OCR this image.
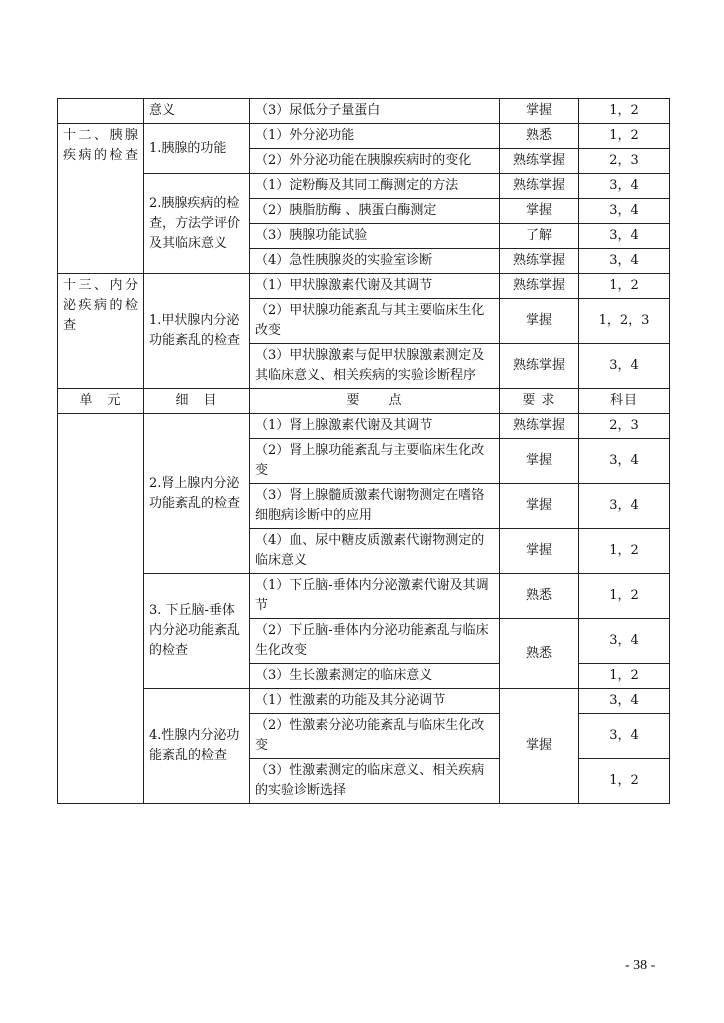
	意义	（3）尿低分子量蛋白	掌握	1，2
十二、胰腺疾病的检查	1.胰腺的功能	（1）外分泌功能	熟悉	1，2
		（2）外分泌功能在胰腺疾病时的变化	熟练掌握	2，3
	2.胰腺疾病的检查，方法学评价及其临床意义	（1）淀粉酶及其同工酶测定的方法	熟练掌握	3，4
		（2）胰脂肪酶 、胰蛋白酶测定	掌握	3，4
		（3）胰腺功能试验	了解	3，4
		（4）急性胰腺炎的实验室诊断	熟练掌握	3，4
十三、内分泌疾病的检查	1.甲状腺内分泌功能紊乱的检查	（1）甲状腺激素代谢及其调节	熟练掌握	1，2
		（2）甲状腺功能紊乱与其主要临床生化改变	掌握	1，2，3
		（3）甲状腺激素与促甲状腺激素测定及其临床意义、相关疾病的实验诊断程序	熟练掌握	3，4
单　元	细　目	要　　点	要 求	科目
	2.肾上腺内分泌功能紊乱的检查	（1）肾上腺激素代谢及其调节	熟练掌握	2，3
		（2）肾上腺功能紊乱与主要临床生化改变	掌握	3，4
		（3）肾上腺髓质激素代谢物测定在嗜铬细胞病诊断中的应用	掌握	3，4
		（4）血、尿中糖皮质激素代谢物测定的临床意义	掌握	1，2
	3. 下丘脑-垂体内分泌功能紊乱的检查	（1）下丘脑-垂体内分泌激素代谢及其调节	熟悉	1，2
		（2）下丘脑-垂体内分泌功能紊乱与临床生化改变	熟悉	3，4
		（3）生长激素测定的临床意义		1，2
	4.性腺内分泌功能紊乱的检查	（1）性激素的功能及其分泌调节	掌握	3，4
		（2）性激素分泌功能紊乱与临床生化改变		3，4
		（3）性激素测定的临床意义、相关疾病的实验诊断选择		1，2
- 38 -
